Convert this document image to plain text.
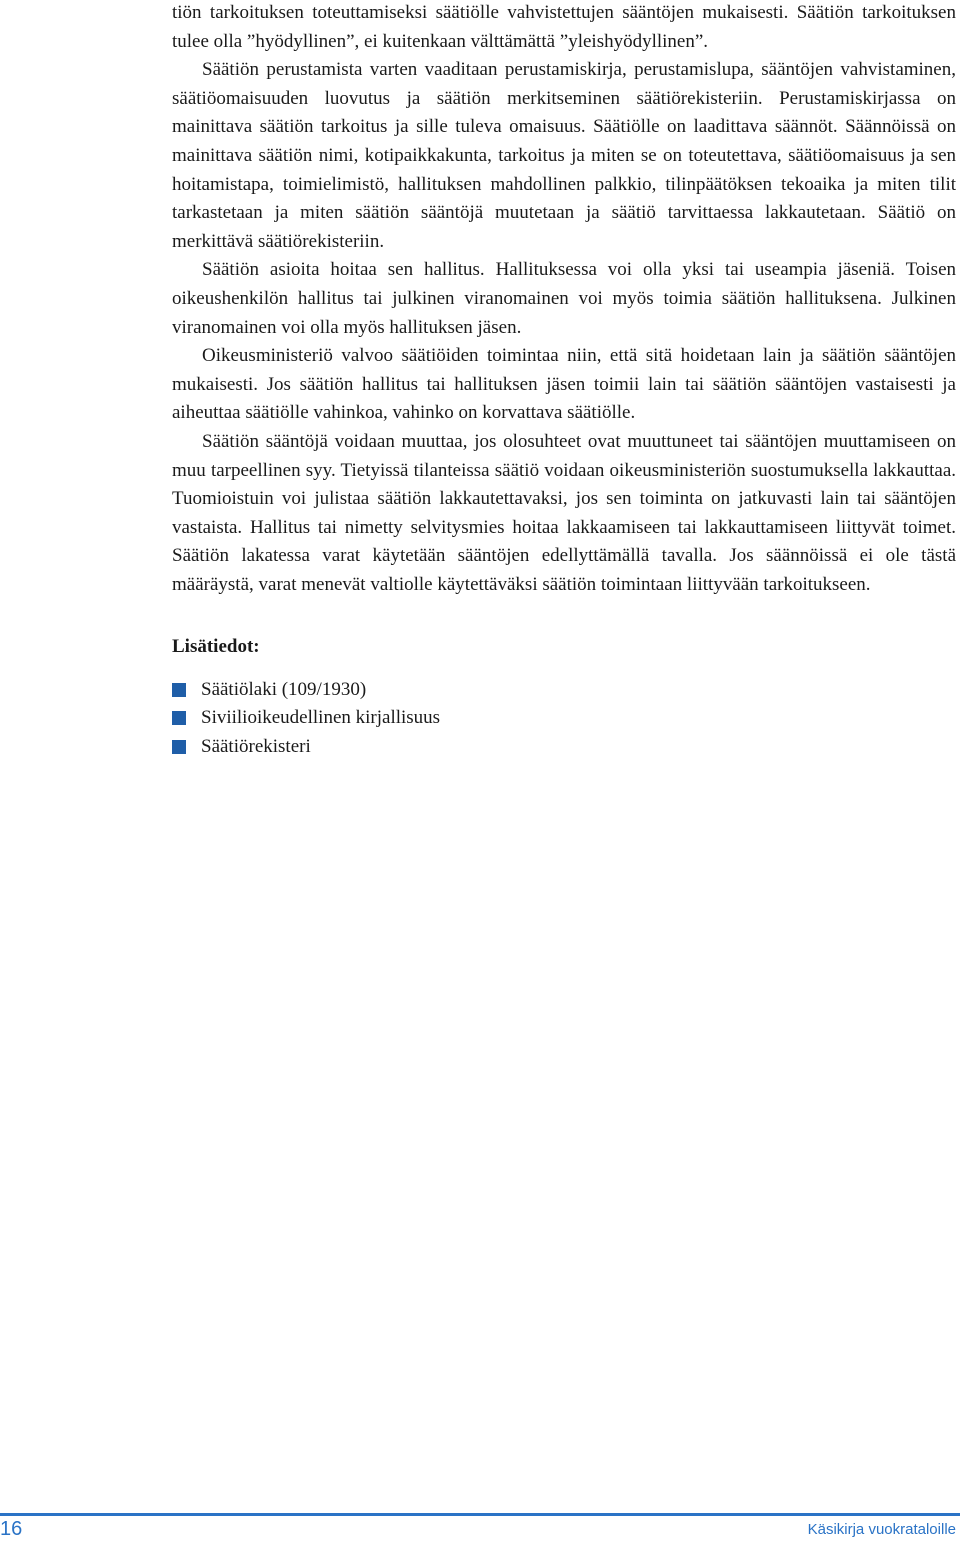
tiön tarkoituksen toteuttamiseksi säätiölle vahvistettujen sääntöjen mukaisesti. Säätiön tarkoituksen tulee olla ”hyödyllinen”, ei kuitenkaan välttämättä ”yleishyödyllinen”.

Säätiön perustamista varten vaaditaan perustamiskirja, perustamislupa, sääntöjen vahvistaminen, säätiöomaisuuden luovutus ja säätiön merkitseminen säätiörekisteriin. Perustamiskirjassa on mainittava säätiön tarkoitus ja sille tuleva omaisuus. Säätiölle on laadittava säännöt. Säännöissä on mainittava säätiön nimi, kotipaikkakunta, tarkoitus ja miten se on toteutettava, säätiöomaisuus ja sen hoitamistapa, toimielimistö, hallituksen mahdollinen palkkio, tilinpäätöksen tekoaika ja miten tilit tarkastetaan ja miten säätiön sääntöjä muutetaan ja säätiö tarvittaessa lakkautetaan. Säätiö on merkittävä säätiörekisteriin.

Säätiön asioita hoitaa sen hallitus. Hallituksessa voi olla yksi tai useampia jäseniä. Toisen oikeushenkilön hallitus tai julkinen viranomainen voi myös toimia säätiön hallituksena. Julkinen viranomainen voi olla myös hallituksen jäsen.

Oikeusministeriö valvoo säätiöiden toimintaa niin, että sitä hoidetaan lain ja säätiön sääntöjen mukaisesti. Jos säätiön hallitus tai hallituksen jäsen toimii lain tai säätiön sääntöjen vastaisesti ja aiheuttaa säätiölle vahinkoa, vahinko on korvattava säätiölle.

Säätiön sääntöjä voidaan muuttaa, jos olosuhteet ovat muuttuneet tai sääntöjen muuttamiseen on muu tarpeellinen syy. Tietyissä tilanteissa säätiö voidaan oikeusministeriön suostumuksella lakkauttaa. Tuomioistuin voi julistaa säätiön lakkautettavaksi, jos sen toiminta on jatkuvasti lain tai sääntöjen vastaista. Hallitus tai nimetty selvitysmies hoitaa lakkaamiseen tai lakkauttamiseen liittyvät toimet. Säätiön lakatessa varat käytetään sääntöjen edellyttämällä tavalla. Jos säännöissä ei ole tästä määräystä, varat menevät valtiolle käytettäväksi säätiön toimintaan liittyvään tarkoitukseen.

Lisätiedot:
Säätiölaki (109/1930)
Siviilioikeudellinen kirjallisuus
Säätiörekisteri
16	Käsikirja vuokrataloille
